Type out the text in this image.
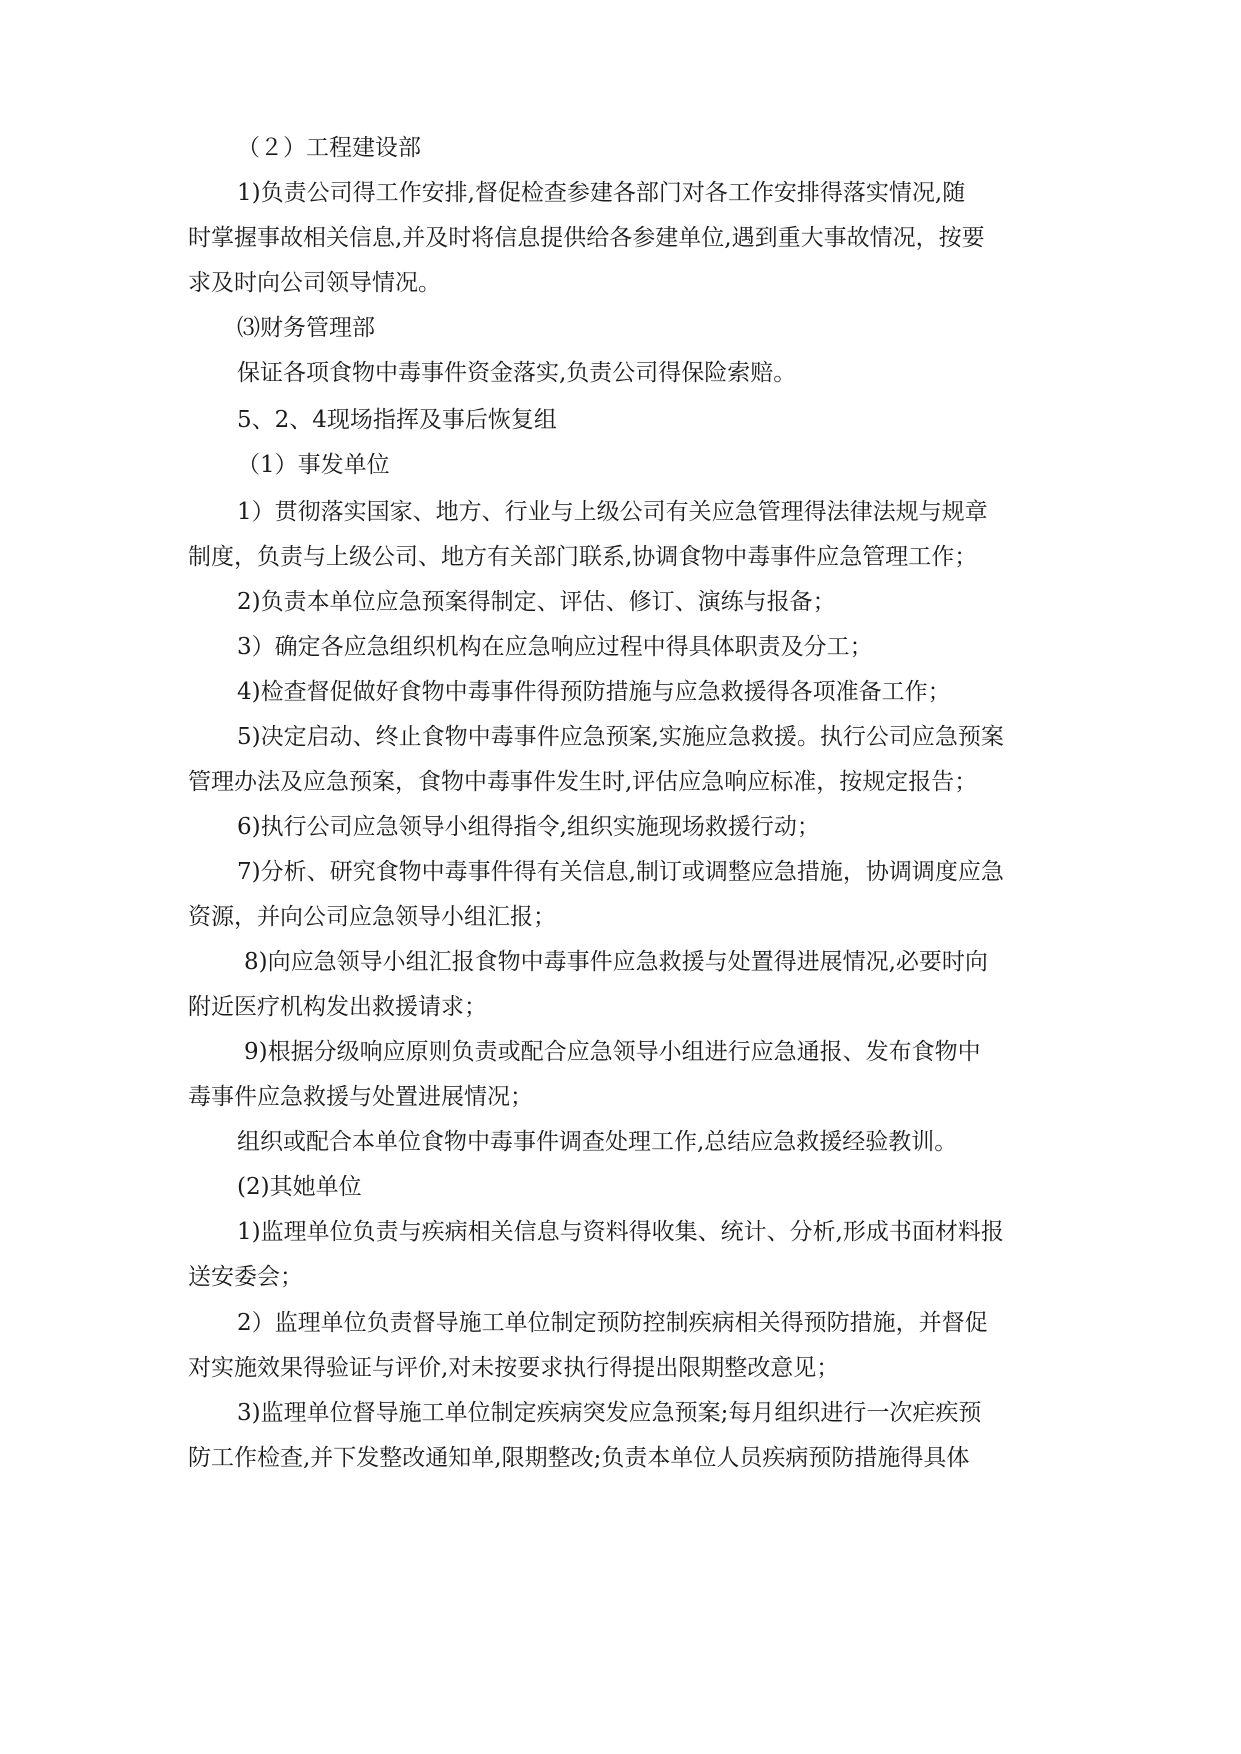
（２）工程建设部
1)负责公司得工作安排,督促检查参建各部门对各工作安排得落实情况,随
时掌握事故相关信息,并及时将信息提供给各参建单位,遇到重大事故情况，按要
求及时向公司领导情况。
⑶财务管理部
保证各项食物中毒事件资金落实,负责公司得保险索赔。
5、2、4现场指挥及事后恢复组
（1）事发单位
1）贯彻落实国家、地方、行业与上级公司有关应急管理得法律法规与规章
制度，负责与上级公司、地方有关部门联系,协调食物中毒事件应急管理工作；
2)负责本单位应急预案得制定、评估、修订、演练与报备；
3）确定各应急组织机构在应急响应过程中得具体职责及分工；
4)检查督促做好食物中毒事件得预防措施与应急救援得各项准备工作；
5)决定启动、终止食物中毒事件应急预案,实施应急救援。执行公司应急预案
管理办法及应急预案，食物中毒事件发生时,评估应急响应标准，按规定报告；
6)执行公司应急领导小组得指令,组织实施现场救援行动；
7)分析、研究食物中毒事件得有关信息,制订或调整应急措施，协调调度应急
资源，并向公司应急领导小组汇报；
8)向应急领导小组汇报食物中毒事件应急救援与处置得进展情况,必要时向
附近医疗机构发出救援请求；
9)根据分级响应原则负责或配合应急领导小组进行应急通报、发布食物中
毒事件应急救援与处置进展情况；
组织或配合本单位食物中毒事件调查处理工作,总结应急救援经验教训。
(2)其她单位
1)监理单位负责与疾病相关信息与资料得收集、统计、分析,形成书面材料报
送安委会；
2）监理单位负责督导施工单位制定预防控制疾病相关得预防措施，并督促
对实施效果得验证与评价,对未按要求执行得提出限期整改意见；
3)监理单位督导施工单位制定疾病突发应急预案;每月组织进行一次疟疾预
防工作检查,并下发整改通知单,限期整改;负责本单位人员疾病预防措施得具体
